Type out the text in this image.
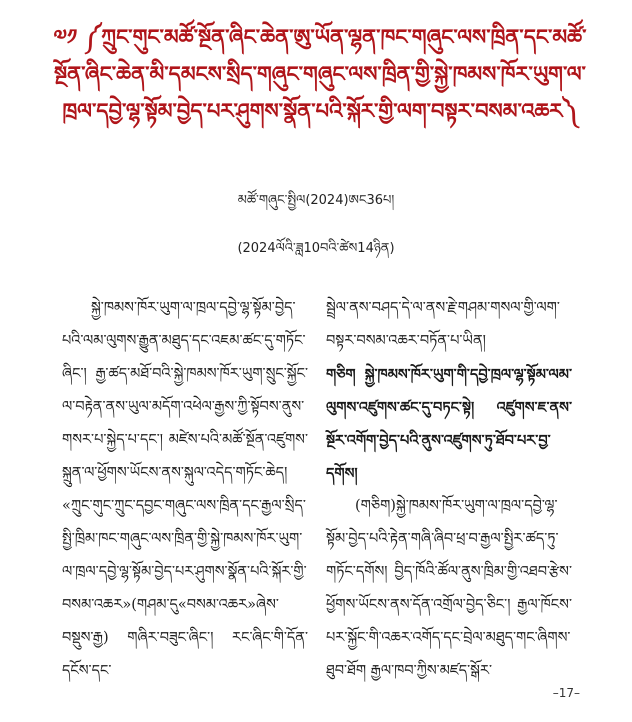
༧༡ ༼ཀྲུང་གུང་མཚོ་སྔོན་ཞིང་ཆེན་ཨུ་ཡོན་ལྷན་ཁང་གཞུང་ལས་ཁྲིན་དང་མཚོ་སྔོན་ཞིང་ཆེན་མི་དམངས་སྲིད་གཞུང་གཞུང་ལས་ཁྲིན་གྱི་སྐྱེ་ཁམས་ཁོར་ཡུག་ལ་ཁྲལ་དབྱེ་ལྷ་སྟོམ་བྱེད་པར་ཤུགས་སྣོན་པའི་སྐོར་གྱི་ལག་བསྟར་བསམ་འཆར༽
མཚོ་གཞུང་སྤྱིལ(2024)ཨང36པ།
(2024ལོའི་ཟླ10བའི་ཚེས14ཉིན)

སྐྱེ་ཁམས་ཁོར་ཡུག་ལ་ཁྲལ་དབྱེ་ལྷ་སྟོམ་བྱེད་པའི་ལམ་ལུགས་རྒྱུན་མཐུད་དང་འཇམ་ཚང་དུ་གཏོང་ཞིང་། རྒྱ་ཚད་མཐོ་བའི་སྐྱེ་ཁམས་ཁོར་ཡུག་སྲུང་སྐྱོང་ལ་བརྟེན་ནས་ཡུལ་མདོག་འཕེལ་རྒྱས་ཀྱི་སྟོབས་ནུས་གསར་པ་སྐྱེད་པ་དང་། མཛེས་པའི་མཚོ་སྔོན་འཛུགས་སྐྲུན་ལ་ཕྱོགས་ཡོངས་ནས་སྐུལ་འདེད་གཏོང་ཆེད། «ཀྲུང་གུང་ཀྲུང་དབྱང་གཞུང་ལས་ཁྲིན་དང་རྒྱལ་སྲིད་སྤྱི་ཁྲིམ་ཁང་གཞུང་ལས་ཁྲིན་གྱི་སྐྱེ་ཁམས་ཁོར་ཡུག་ལ་ཁྲལ་དབྱེ་ལྷ་སྟོམ་བྱེད་པར་ཤུགས་སྣོན་པའི་སྐོར་གྱི་བསམ་འཆར»(གཤམ་དུ«བསམ་འཆར»ཞེས་བསྡུས་རྒྱ) གཞིར་བཟུང་ཞིང་། རང་ཞིང་གི་དོན་དངོས་དང་

སྦྲེལ་ནས་བཤད་དེ་ལ་ནས་རྗེ་གཤམ་གསལ་གྱི་ལག་བསྟར་བསམ་འཆར་བཏོན་པ་ཡིན།

གཅིག སྐྱེ་ཁམས་ཁོར་ཡུག་གི་དབྱེ་ཁྲལ་ལྷ་སྟོམ་ལམ་ལུགས་འཛུགས་ཚང་དུ་བཏང་སྟེ། འཛུགས་ཇ་ནས་སྔོར་འགོག་བྱེད་པའི་ནུས་འཛུགས་ཏུ་ཐོབ་པར་བྱ་དགོས།

(གཅིག)སྐྱེ་ཁམས་ཁོར་ཡུག་ལ་ཁྲལ་དབྱེ་ལྷ་སྟོམ་བྱེད་པའི་རྟེན་གཞི་ཞིབ་ཕྲ་བ་རྒྱལ་སྤྱིར་ཚད་ཏུ་གཏོང་དགོས། བྱིད་ཁོའི་ཚོལ་ནུས་ཁྲིམ་གྱི་འཐབ་རྩེས་ཕྱོགས་ཡོངས་ནས་དོན་འགྲོལ་བྱེད་ཅིང་། རྒྱལ་ཁོངས་པར་སྐྱོང་གི་འཆར་འགོད་དང་བྲེལ་མཐུད་གང་ཞིགས་ཐུབ་ཐོག རྒྱལ་ཁབ་ཀྱིས་མཛད་སྒོར་

–17–
